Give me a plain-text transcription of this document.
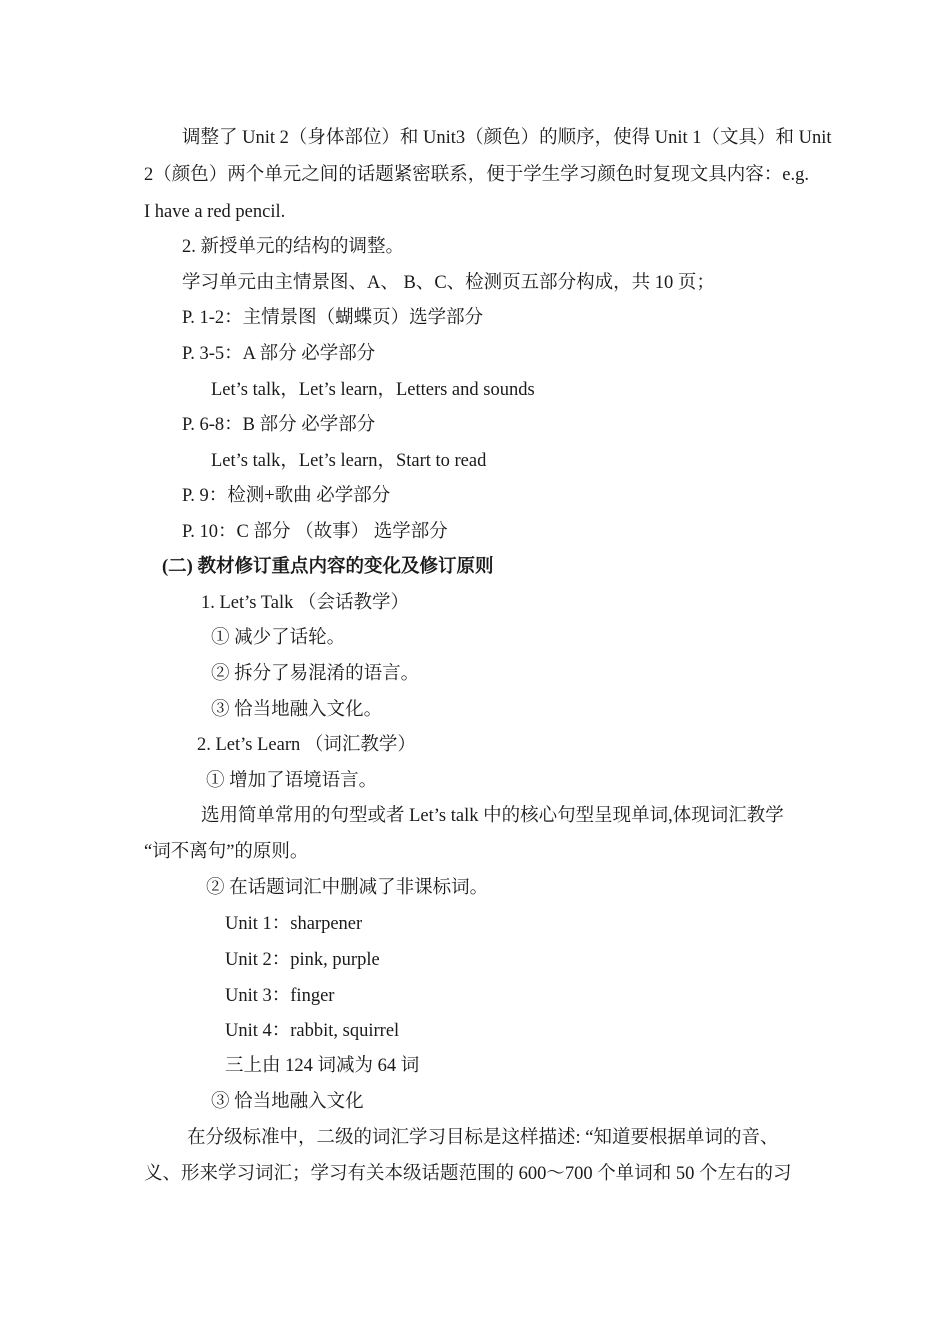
调整了 Unit 2（身体部位）和 Unit3（颜色）的顺序，使得 Unit 1（文具）和 Unit
2（颜色）两个单元之间的话题紧密联系，便于学生学习颜色时复现文具内容：e.g.
I have a red pencil.
2. 新授单元的结构的调整。
学习单元由主情景图、A、 B、C、检测页五部分构成，共 10 页；
P. 1-2：主情景图（蝴蝶页）选学部分
P. 3-5：A 部分 必学部分
Let’s talk，Let’s learn，Letters and sounds
P. 6-8：B 部分 必学部分
Let’s talk，Let’s learn，Start to read
P. 9：检测+歌曲 必学部分
P. 10：C 部分 （故事） 选学部分
(二) 教材修订重点内容的变化及修订原则
1. Let’s Talk （会话教学）
① 减少了话轮。
② 拆分了易混淆的语言。
③ 恰当地融入文化。
2. Let’s Learn （词汇教学）
① 增加了语境语言。
选用简单常用的句型或者 Let’s talk 中的核心句型呈现单词,体现词汇教学
“词不离句”的原则。
② 在话题词汇中删减了非课标词。
Unit 1：sharpener
Unit 2：pink, purple
Unit 3：finger
Unit 4：rabbit, squirrel
三上由 124 词减为 64 词
③ 恰当地融入文化
在分级标准中，二级的词汇学习目标是这样描述: “知道要根据单词的音、
义、形来学习词汇；学习有关本级话题范围的 600～700 个单词和 50 个左右的习
